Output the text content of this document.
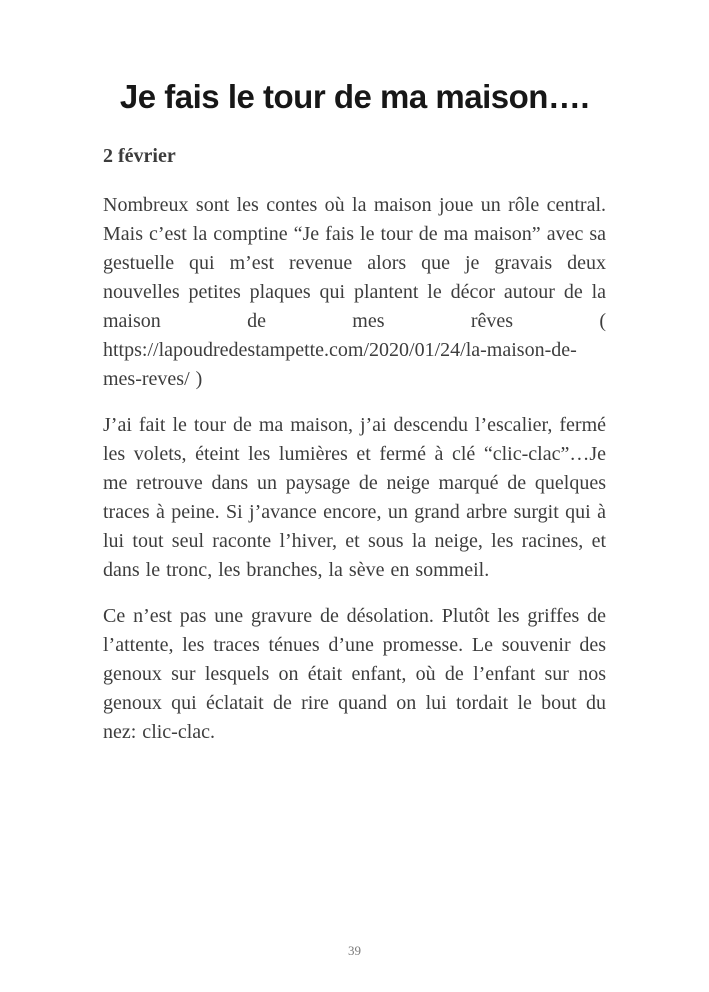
Je fais le tour de ma maison….
2 février

Nombreux sont les contes où la maison joue un rôle central. Mais c’est la comptine “Je fais le tour de ma maison” avec sa gestuelle qui m’est revenue alors que je gravais deux nouvelles petites plaques qui plantent le décor autour de la maison de mes rêves ( https://lapoudredestampette.com/2020/01/24/la-maison-de-mes-reves/ )

J’ai fait le tour de ma maison, j’ai descendu l’escalier, fermé les volets, éteint les lumières et fermé à clé “clic-clac”…Je me retrouve dans un paysage de neige marqué de quelques traces à peine. Si j’avance encore, un grand arbre surgit qui à lui tout seul raconte l’hiver, et sous la neige, les racines, et dans le tronc, les branches, la sève en sommeil.

Ce n’est pas une gravure de désolation. Plutôt les griffes de l’attente, les traces ténues d’une promesse. Le souvenir des genoux sur lesquels on était enfant, où de l’enfant sur nos genoux qui éclatait de rire quand on lui tordait le bout du nez: clic-clac.

39
